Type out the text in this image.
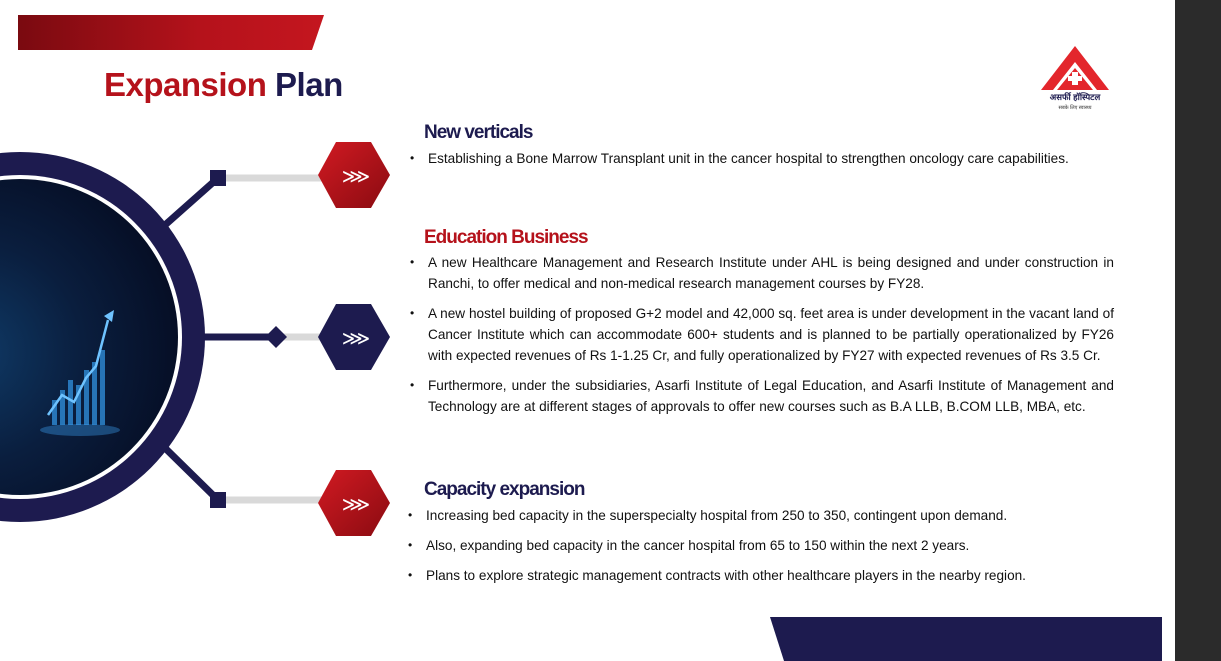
Expansion Plan	असर्फी हॉस्पिटल
सबके लिए स्वास्थ्य
⋙
⋙
⋙
New verticals
• Establishing a Bone Marrow Transplant unit in the cancer hospital to strengthen oncology care capabilities.
Education Business
• A new Healthcare Management and Research Institute under AHL is being designed and under construction in Ranchi, to offer medical and non-medical research management courses by FY28.
• A new hostel building of proposed G+2 model and 42,000 sq. feet area is under development in the vacant land of Cancer Institute which can accommodate 600+ students and is planned to be partially operationalized by FY26 with expected revenues of Rs 1-1.25 Cr, and fully operationalized by FY27 with expected revenues of Rs 3.5 Cr.
• Furthermore, under the subsidiaries, Asarfi Institute of Legal Education, and Asarfi Institute of Management and Technology are at different stages of approvals to offer new courses such as B.A LLB, B.COM LLB, MBA, etc.
Capacity expansion
• Increasing bed capacity in the superspecialty hospital from 250 to 350, contingent upon demand.
• Also, expanding bed capacity in the cancer hospital from 65 to 150 within the next 2 years.
• Plans to explore strategic management contracts with other healthcare players in the nearby region.
